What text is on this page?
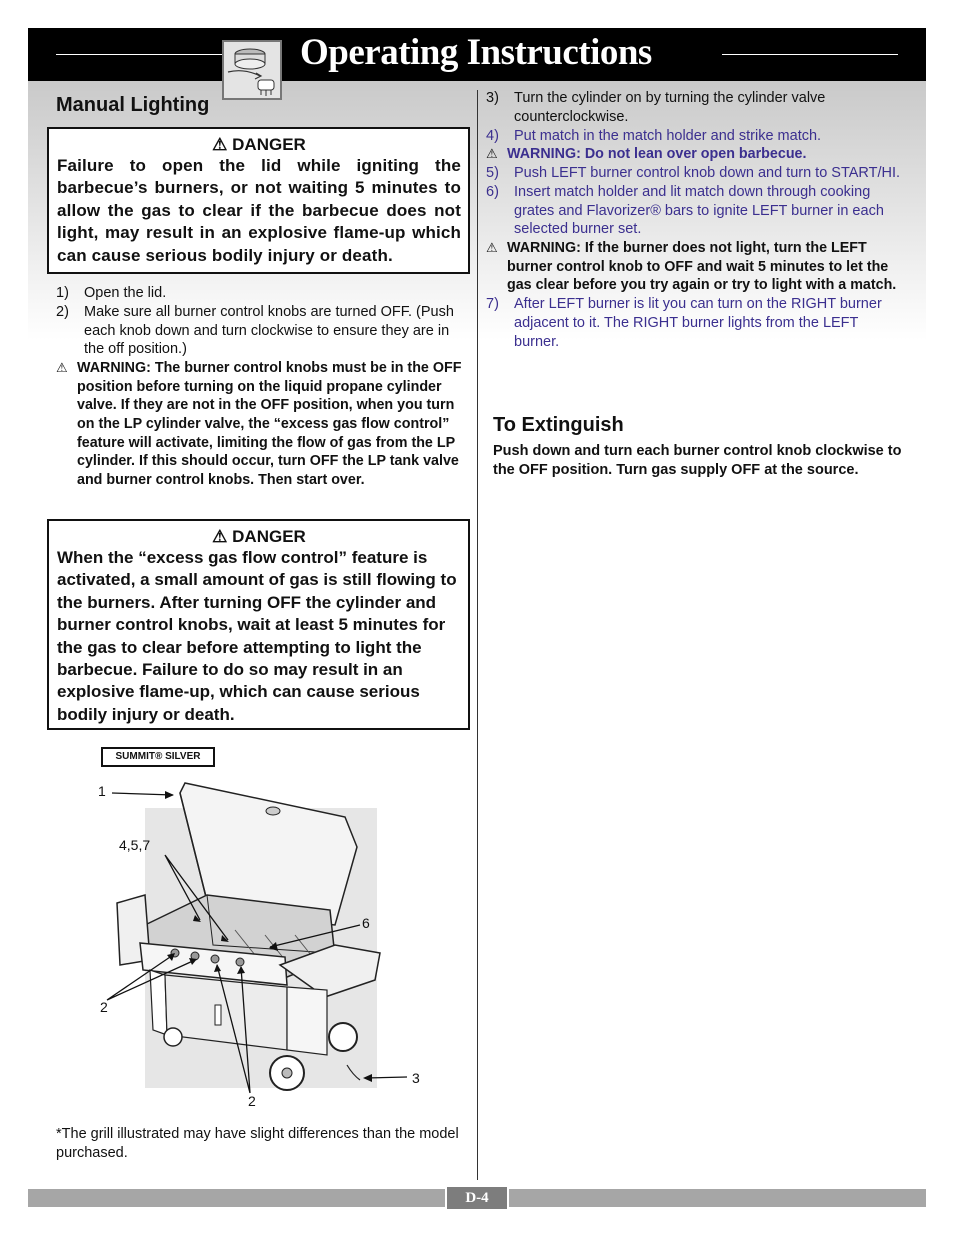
Operating Instructions
Manual Lighting
⚠ DANGER
Failure to open the lid while igniting the barbecue’s burners, or not waiting 5 minutes to allow the gas to clear if the barbecue does not light, may result in an explosive flame-up which can cause serious bodily injury or death.
1)	Open the lid.
2)	Make sure all burner control knobs are turned OFF. (Push each knob down and turn clockwise to ensure they are in the off position.)
⚠ WARNING: The burner control knobs must be in the OFF position before turning on the liquid propane cylinder valve. If they are not in the OFF position, when you turn on the LP cylinder valve, the “excess gas flow control” feature will activate, limiting the flow of gas from the LP cylinder. If this should occur, turn OFF the LP tank valve and burner control knobs. Then start over.
⚠ DANGER
When the “excess gas flow control” feature is activated, a small amount of gas is still flowing to the burners. After turning OFF the cylinder and burner control knobs, wait at least 5 minutes for the gas to clear before attempting to light the barbecue. Failure to do so may result in an explosive flame-up, which can cause serious bodily injury or death.
SUMMIT® SILVER
1
4,5,7
6
2
3
2
*The grill illustrated may have slight differences than the model purchased.
3)	Turn the cylinder on by turning the cylinder valve counterclockwise.
4)	Put match in the match holder and strike match.
⚠ WARNING: Do not lean over open barbecue.
5)	Push LEFT burner control knob down and turn to START/HI.
6)	Insert match holder and lit match down through cooking grates and Flavorizer® bars to ignite LEFT burner in each selected burner set.
⚠ WARNING: If the burner does not light, turn the LEFT burner control knob to OFF and wait 5 minutes to let the gas clear before you try again or try to light with a match.
7)	After LEFT burner is lit you can turn on the RIGHT burner adjacent to it. The RIGHT burner lights from the LEFT burner.
To Extinguish
Push down and turn each burner control knob clockwise to the OFF position. Turn gas supply OFF at the source.
D-4
